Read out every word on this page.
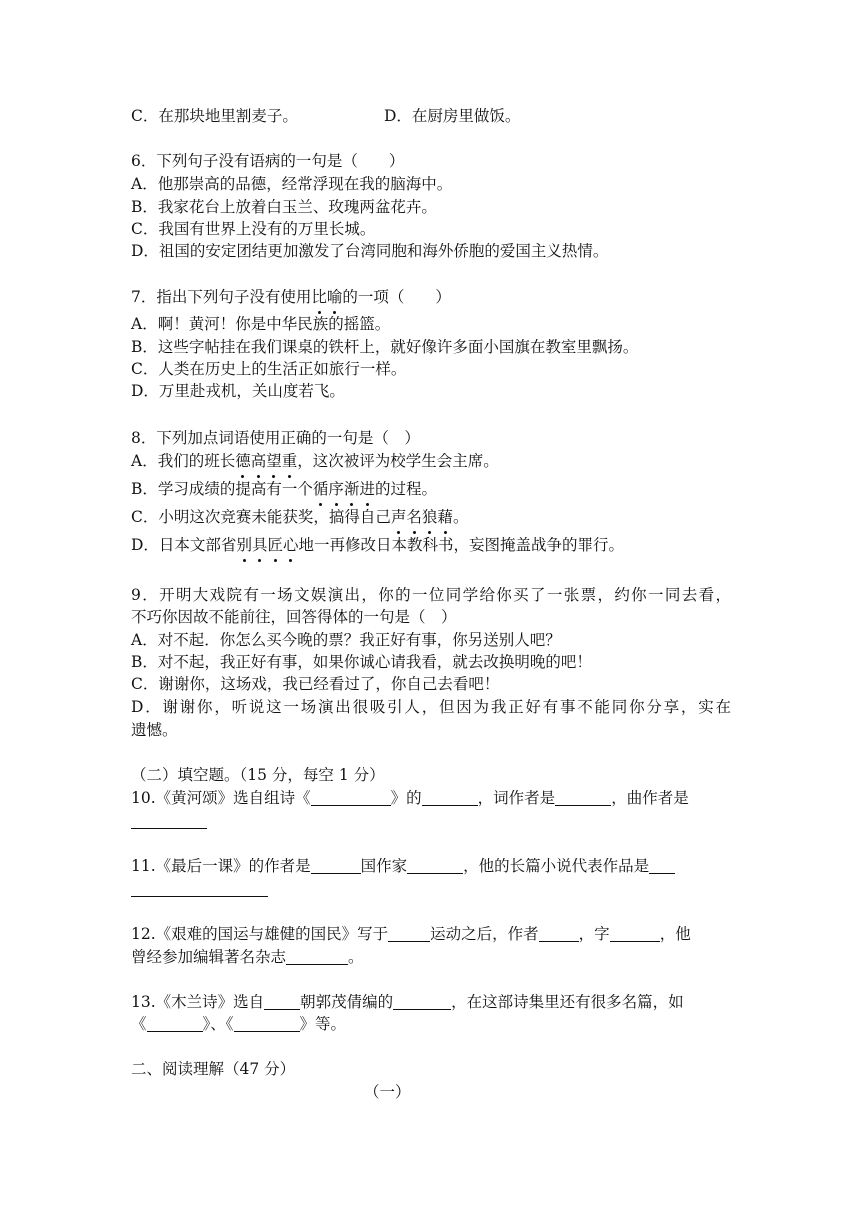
C．在那块地里割麦子。	D．在厨房里做饭。
6．下列句子没有语病的一句是（　　）
A．他那崇高的品德，经常浮现在我的脑海中。
B．我家花台上放着白玉兰、玫瑰两盆花卉。
C．我国有世界上没有的万里长城。
D．祖国的安定团结更加激发了台湾同胞和海外侨胞的爱国主义热情。
7．指出下列句子没有使用比喻的一项（　　）
A．啊！黄河！你是中华民族的摇篮。
B．这些字帖挂在我们课桌的铁杆上，就好像许多面小国旗在教室里飘扬。
C．人类在历史上的生活正如旅行一样。
D．万里赴戎机，关山度若飞。
8．下列加点词语使用正确的一句是（　）
A．我们的班长德高望重，这次被评为校学生会主席。
B．学习成绩的提高有一个循序渐进的过程。
C．小明这次竞赛未能获奖，搞得自己声名狼藉。
D．日本文部省别具匠心地一再修改日本教科书，妄图掩盖战争的罪行。
9．开明大戏院有一场文娱演出，你的一位同学给你买了一张票，约你一同去看，
不巧你因故不能前往，回答得体的一句是（　）
A．对不起．你怎么买今晚的票？我正好有事，你另送别人吧？
B．对不起，我正好有事，如果你诚心请我看，就去改换明晚的吧！
C．谢谢你，这场戏，我已经看过了，你自己去看吧！
D．谢谢你，听说这一场演出很吸引人，但因为我正好有事不能同你分享，实在
遗憾。
（二）填空题。（15 分，每空 1 分）
10.《黄河颂》选自组诗《	》的	，词作者是	，曲作者是
11.《最后一课》的作者是	国作家	，他的长篇小说代表作品是
12.《艰难的国运与雄健的国民》写于	运动之后，作者	，字	，他
曾经参加编辑著名杂志	。
13.《木兰诗》选自 朝郭茂倩编的	，在这部诗集里还有很多名篇，如
《	》、《	》等。
二、阅读理解（47 分）
（一）
